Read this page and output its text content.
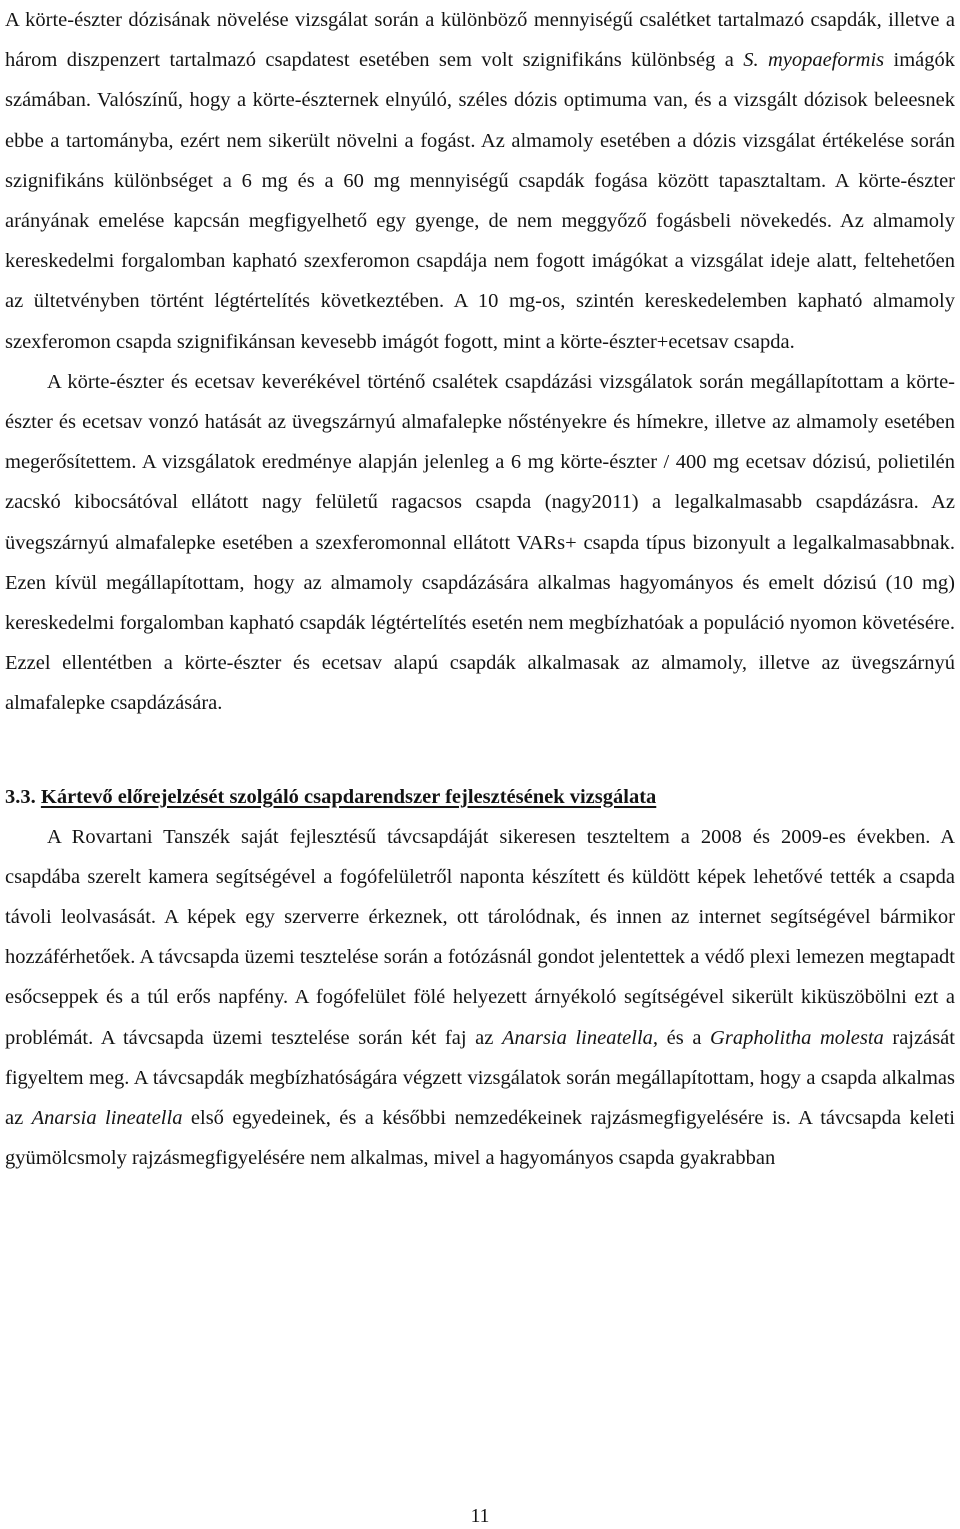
A körte-észter dózisának növelése vizsgálat során a különböző mennyiségű csalétket tartalmazó csapdák, illetve a három diszpenzert tartalmazó csapdatest esetében sem volt szignifikáns különbség a S. myopaeformis imágók számában. Valószínű, hogy a körte-észternek elnyúló, széles dózis optimuma van, és a vizsgált dózisok beleesnek ebbe a tartományba, ezért nem sikerült növelni a fogást. Az almamoly esetében a dózis vizsgálat értékelése során szignifikáns különbséget a 6 mg és a 60 mg mennyiségű csapdák fogása között tapasztaltam. A körte-észter arányának emelése kapcsán megfigyelhető egy gyenge, de nem meggyőző fogásbeli növekedés. Az almamoly kereskedelmi forgalomban kapható szexferomon csapdája nem fogott imágókat a vizsgálat ideje alatt, feltehetően az ültetvényben történt légtértelítés következtében. A 10 mg-os, szintén kereskedelemben kapható almamoly szexferomon csapda szignifikánsan kevesebb imágót fogott, mint a körte-észter+ecetsav csapda.

A körte-észter és ecetsav keverékével történő csalétek csapdázási vizsgálatok során megállapítottam a körte-észter és ecetsav vonzó hatását az üvegszárnyú almafalepke nőstényekre és hímekre, illetve az almamoly esetében megerősítettem. A vizsgálatok eredménye alapján jelenleg a 6 mg körte-észter / 400 mg ecetsav dózisú, polietilén zacskó kibocsátóval ellátott nagy felületű ragacsos csapda (nagy2011) a legalkalmasabb csapdázásra. Az üvegszárnyú almafalepke esetében a szexferomonnal ellátott VARs+ csapda típus bizonyult a legalkalmasabbnak. Ezen kívül megállapítottam, hogy az almamoly csapdázására alkalmas hagyományos és emelt dózisú (10 mg) kereskedelmi forgalomban kapható csapdák légtértelítés esetén nem megbízhatóak a populáció nyomon követésére. Ezzel ellentétben a körte-észter és ecetsav alapú csapdák alkalmasak az almamoly, illetve az üvegszárnyú almafalepke csapdázására.

3.3. Kártevő előrejelzését szolgáló csapdarendszer fejlesztésének vizsgálata

A Rovartani Tanszék saját fejlesztésű távcsapdáját sikeresen teszteltem a 2008 és 2009-es években. A csapdába szerelt kamera segítségével a fogófelületről naponta készített és küldött képek lehetővé tették a csapda távoli leolvasását. A képek egy szerverre érkeznek, ott tárolódnak, és innen az internet segítségével bármikor hozzáférhetőek. A távcsapda üzemi tesztelése során a fotózásnál gondot jelentettek a védő plexi lemezen megtapadt esőcseppek és a túl erős napfény. A fogófelület fölé helyezett árnyékoló segítségével sikerült kiküszöbölni ezt a problémát. A távcsapda üzemi tesztelése során két faj az Anarsia lineatella, és a Grapholitha molesta rajzását figyeltem meg. A távcsapdák megbízhatóságára végzett vizsgálatok során megállapítottam, hogy a csapda alkalmas az Anarsia lineatella első egyedeinek, és a későbbi nemzedékeinek rajzásmegfigyelésére is. A távcsapda keleti gyümölcsmoly rajzásmegfigyelésére nem alkalmas, mivel a hagyományos csapda gyakrabban

11
